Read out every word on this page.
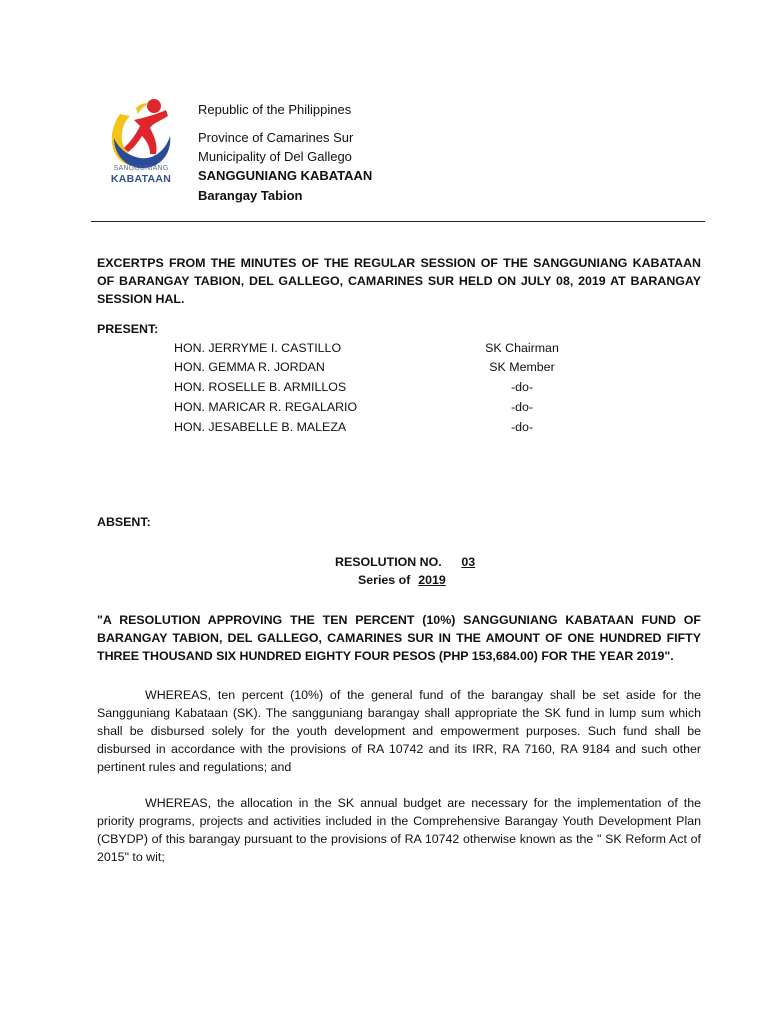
SANGGUNIANG
KABATAAN
Republic of the Philippines
Province of Camarines Sur
Municipality of Del Gallego
SANGGUNIANG KABATAAN
Barangay Tabion
EXCERTPS FROM THE MINUTES OF THE REGULAR SESSION OF THE SANGGUNIANG KABATAAN OF BARANGAY TABION, DEL GALLEGO, CAMARINES SUR HELD ON JULY 08, 2019 AT BARANGAY SESSION HAL.
PRESENT:
HON. JERRYME I. CASTILLO	SK Chairman
HON. GEMMA R. JORDAN	SK Member
HON. ROSELLE B. ARMILLOS	-do-
HON. MARICAR R. REGALARIO	-do-
HON. JESABELLE B. MALEZA	-do-
ABSENT:
RESOLUTION NO. 03
Series of 2019
"A RESOLUTION APPROVING THE TEN PERCENT (10%) SANGGUNIANG KABATAAN FUND OF BARANGAY TABION, DEL GALLEGO, CAMARINES SUR IN THE AMOUNT OF ONE HUNDRED FIFTY THREE THOUSAND SIX HUNDRED EIGHTY FOUR PESOS (PHP 153,684.00) FOR THE YEAR 2019".
WHEREAS, ten percent (10%) of the general fund of the barangay shall be set aside for the Sangguniang Kabataan (SK). The sangguniang barangay shall appropriate the SK fund in lump sum which shall be disbursed solely for the youth development and empowerment purposes. Such fund shall be disbursed in accordance with the provisions of RA 10742 and its IRR, RA 7160, RA 9184 and such other pertinent rules and regulations; and
WHEREAS, the allocation in the SK annual budget are necessary for the implementation of the priority programs, projects and activities included in the Comprehensive Barangay Youth Development Plan (CBYDP) of this barangay pursuant to the provisions of RA 10742 otherwise known as the " SK Reform Act of 2015" to wit;
